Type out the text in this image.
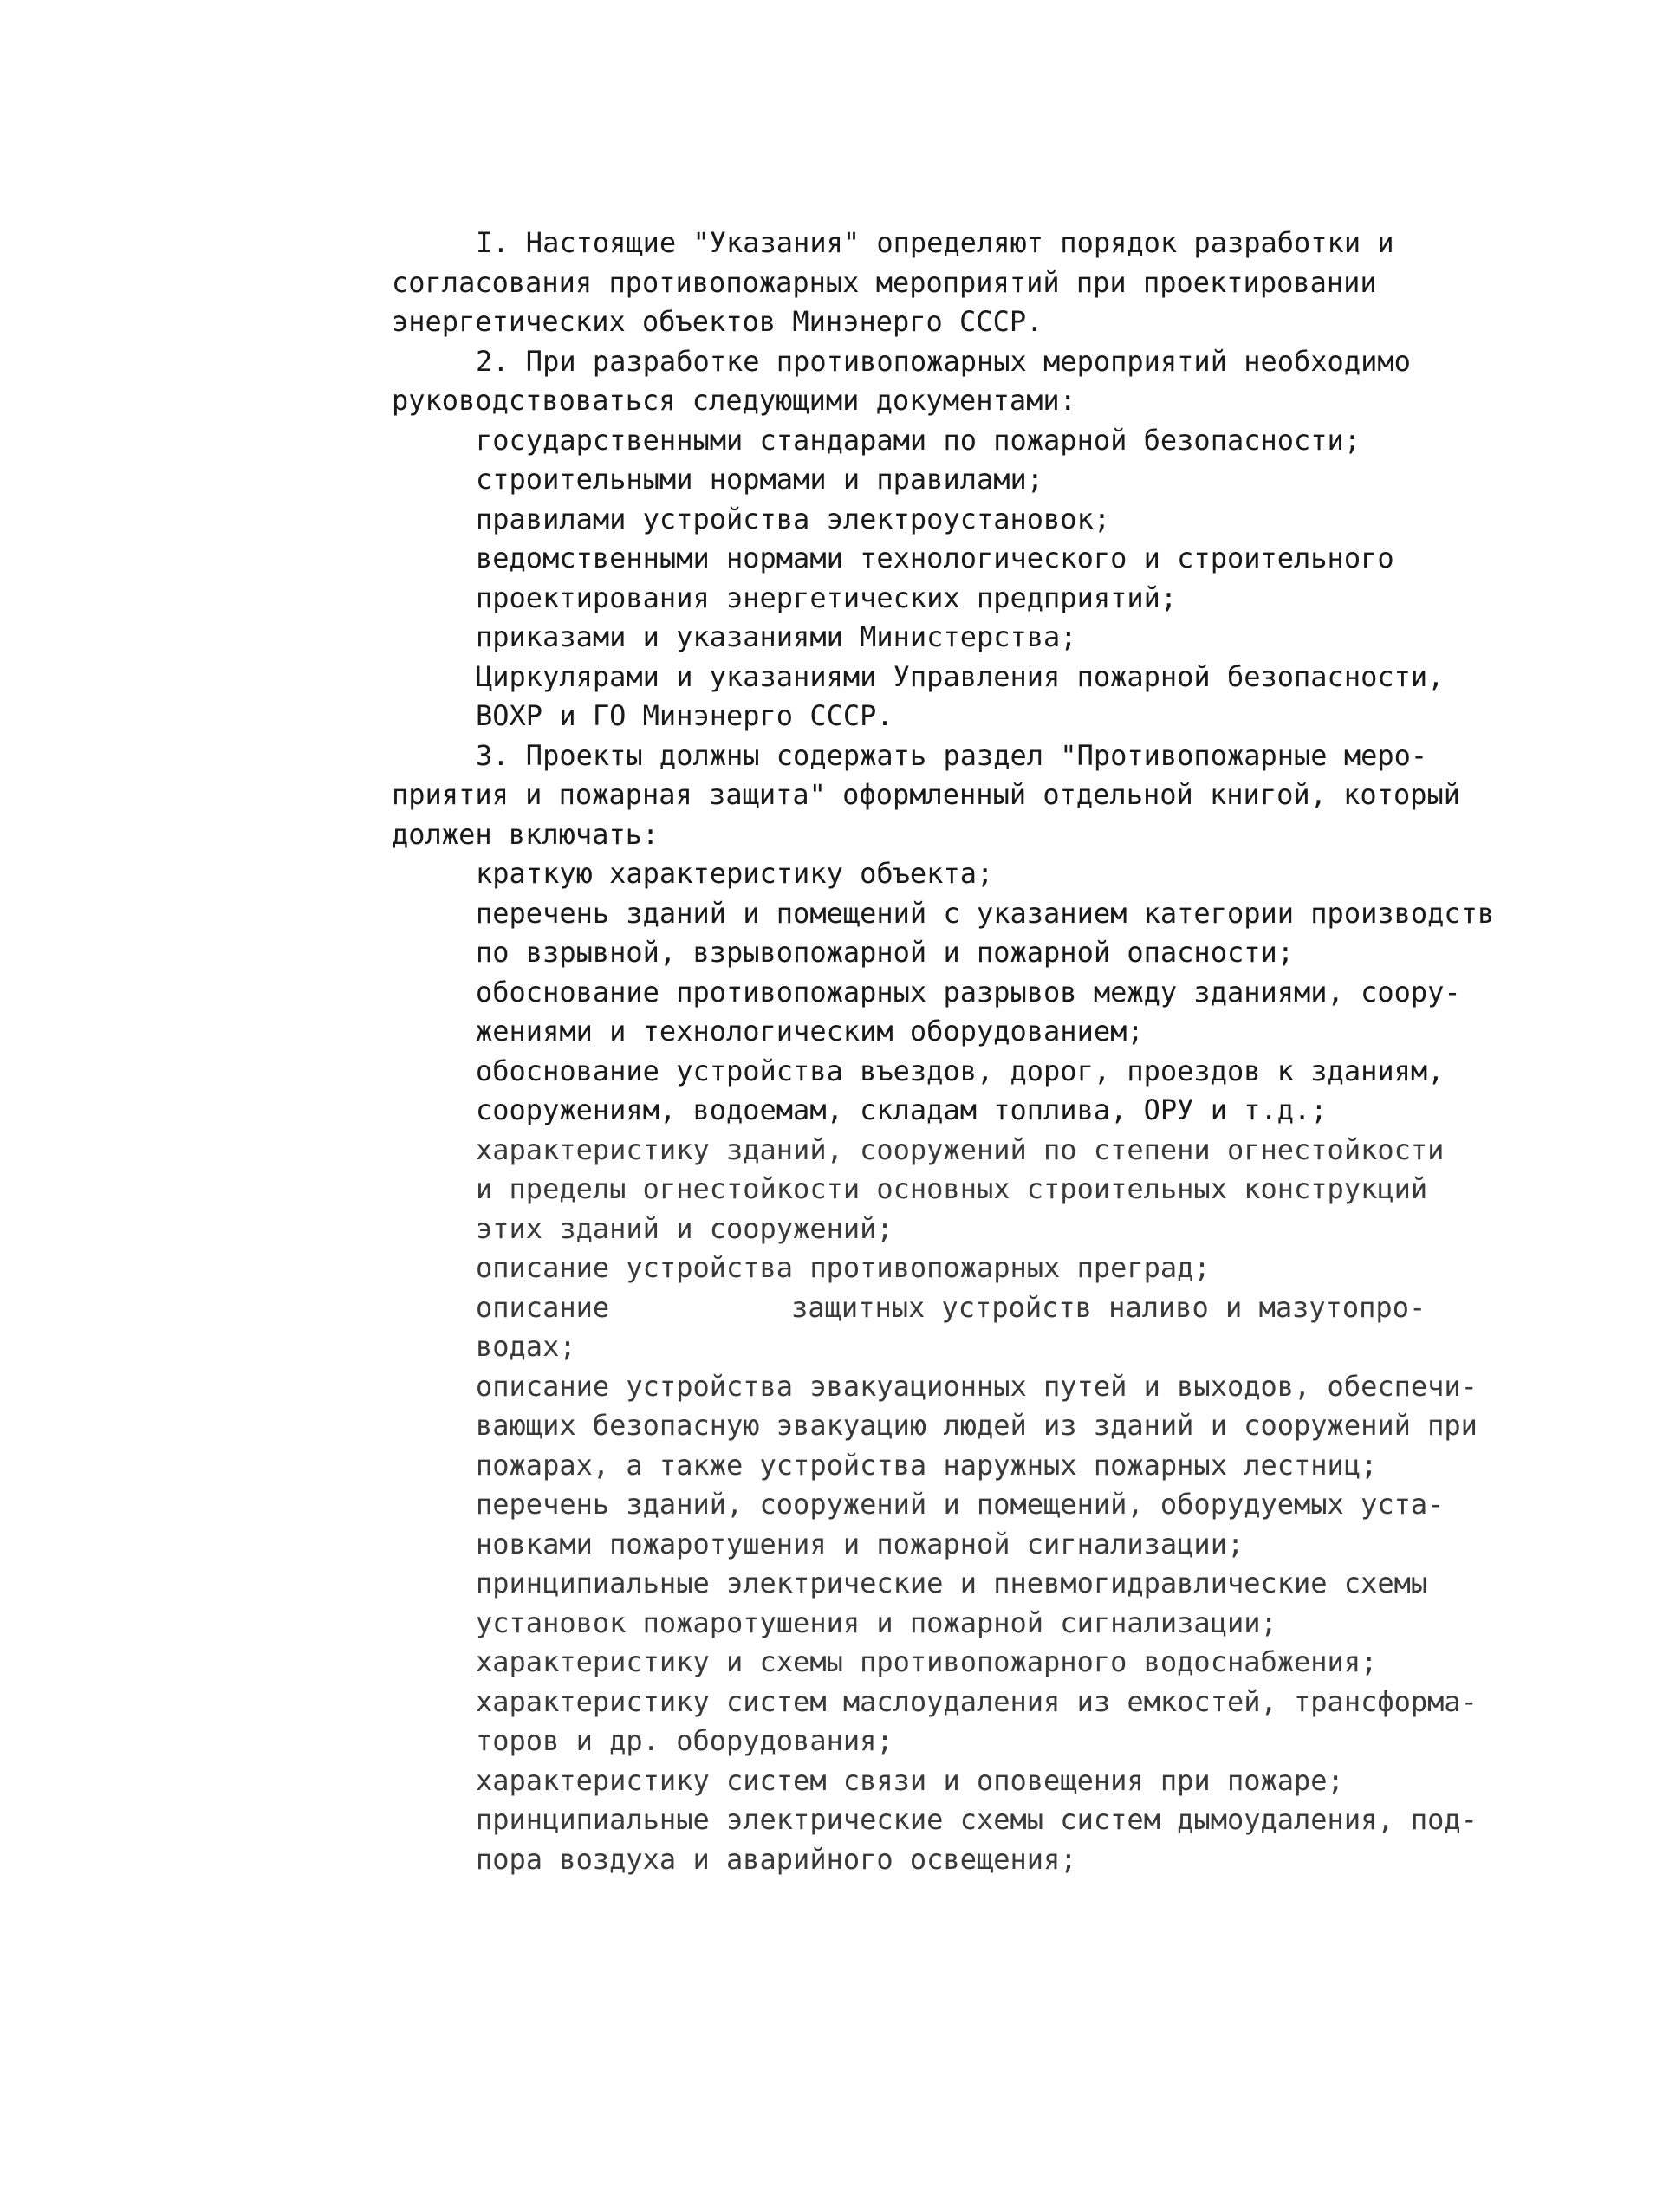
I. Настоящие "Указания" определяют порядок разработки и
согласования противопожарных мероприятий при проектировании
энергетических объектов Минэнерго СССР.
2. При разработке противопожарных мероприятий необходимо
руководствоваться следующими документами:
государственными стандарами по пожарной безопасности;
строительными нормами и правилами;
правилами устройства электроустановок;
ведомственными нормами технологического и строительного
проектирования энергетических предприятий;
приказами и указаниями Министерства;
Циркулярами и указаниями Управления пожарной безопасности,
ВОХР и ГО Минэнерго СССР.
3. Проекты должны содержать раздел "Противопожарные меро-
приятия и пожарная защита" оформленный отдельной книгой, который
должен включать:
краткую характеристику объекта;
перечень зданий и помещений с указанием категории производств
по взрывной, взрывопожарной и пожарной опасности;
обоснование противопожарных разрывов между зданиями, соору-
жениями и технологическим оборудованием;
обоснование устройства въездов, дорог, проездов к зданиям,
сооружениям, водоемам, складам топлива, ОРУ и т.д.;
характеристику зданий, сооружений по степени огнестойкости
и пределы огнестойкости основных строительных конструкций
этих зданий и сооружений;
описание устройства противопожарных преград;
описание	защитных устройств наливо и мазутопро-
водах;
описание устройства эвакуационных путей и выходов, обеспечи-
вающих безопасную эвакуацию людей из зданий и сооружений при
пожарах, а также устройства наружных пожарных лестниц;
перечень зданий, сооружений и помещений, оборудуемых уста-
новками пожаротушения и пожарной сигнализации;
принципиальные электрические и пневмогидравлические схемы
установок пожаротушения и пожарной сигнализации;
характеристику и схемы противопожарного водоснабжения;
характеристику систем маслоудаления из емкостей, трансформа-
торов и др. оборудования;
характеристику систем связи и оповещения при пожаре;
принципиальные электрические схемы систем дымоудаления, под-
пора воздуха и аварийного освещения;
